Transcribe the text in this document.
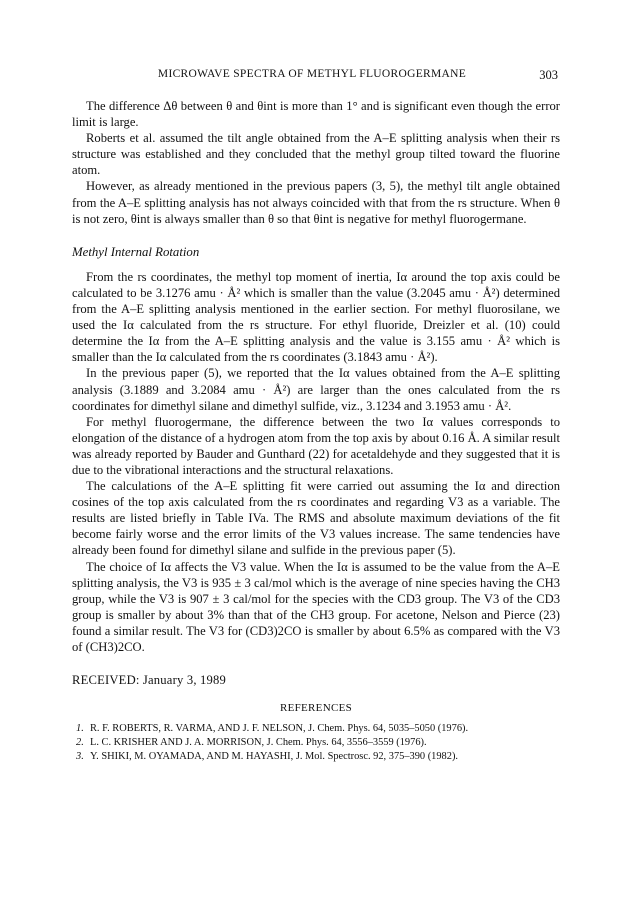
MICROWAVE SPECTRA OF METHYL FLUOROGERMANE	303

The difference Δθ between θ and θint is more than 1° and is significant even though the error limit is large.

Roberts et al. assumed the tilt angle obtained from the A–E splitting analysis when their rs structure was established and they concluded that the methyl group tilted toward the fluorine atom.

However, as already mentioned in the previous papers (3, 5), the methyl tilt angle obtained from the A–E splitting analysis has not always coincided with that from the rs structure. When θ is not zero, θint is always smaller than θ so that θint is negative for methyl fluorogermane.

Methyl Internal Rotation

From the rs coordinates, the methyl top moment of inertia, Iα around the top axis could be calculated to be 3.1276 amu · Å² which is smaller than the value (3.2045 amu · Å²) determined from the A–E splitting analysis mentioned in the earlier section. For methyl fluorosilane, we used the Iα calculated from the rs structure. For ethyl fluoride, Dreizler et al. (10) could determine the Iα from the A–E splitting analysis and the value is 3.155 amu · Å² which is smaller than the Iα calculated from the rs coordinates (3.1843 amu · Å²).

In the previous paper (5), we reported that the Iα values obtained from the A–E splitting analysis (3.1889 and 3.2084 amu · Å²) are larger than the ones calculated from the rs coordinates for dimethyl silane and dimethyl sulfide, viz., 3.1234 and 3.1953 amu · Å².

For methyl fluorogermane, the difference between the two Iα values corresponds to elongation of the distance of a hydrogen atom from the top axis by about 0.16 Å. A similar result was already reported by Bauder and Gunthard (22) for acetaldehyde and they suggested that it is due to the vibrational interactions and the structural relaxations.

The calculations of the A–E splitting fit were carried out assuming the Iα and direction cosines of the top axis calculated from the rs coordinates and regarding V3 as a variable. The results are listed briefly in Table IVa. The RMS and absolute maximum deviations of the fit become fairly worse and the error limits of the V3 values increase. The same tendencies have already been found for dimethyl silane and sulfide in the previous paper (5).

The choice of Iα affects the V3 value. When the Iα is assumed to be the value from the A–E splitting analysis, the V3 is 935 ± 3 cal/mol which is the average of nine species having the CH3 group, while the V3 is 907 ± 3 cal/mol for the species with the CD3 group. The V3 of the CD3 group is smaller by about 3% than that of the CH3 group. For acetone, Nelson and Pierce (23) found a similar result. The V3 for (CD3)2CO is smaller by about 6.5% as compared with the V3 of (CH3)2CO.

RECEIVED: January 3, 1989
REFERENCES
1. R. F. ROBERTS, R. VARMA, AND J. F. NELSON, J. Chem. Phys. 64, 5035–5050 (1976).
2. L. C. KRISHER AND J. A. MORRISON, J. Chem. Phys. 64, 3556–3559 (1976).
3. Y. SHIKI, M. OYAMADA, AND M. HAYASHI, J. Mol. Spectrosc. 92, 375–390 (1982).
